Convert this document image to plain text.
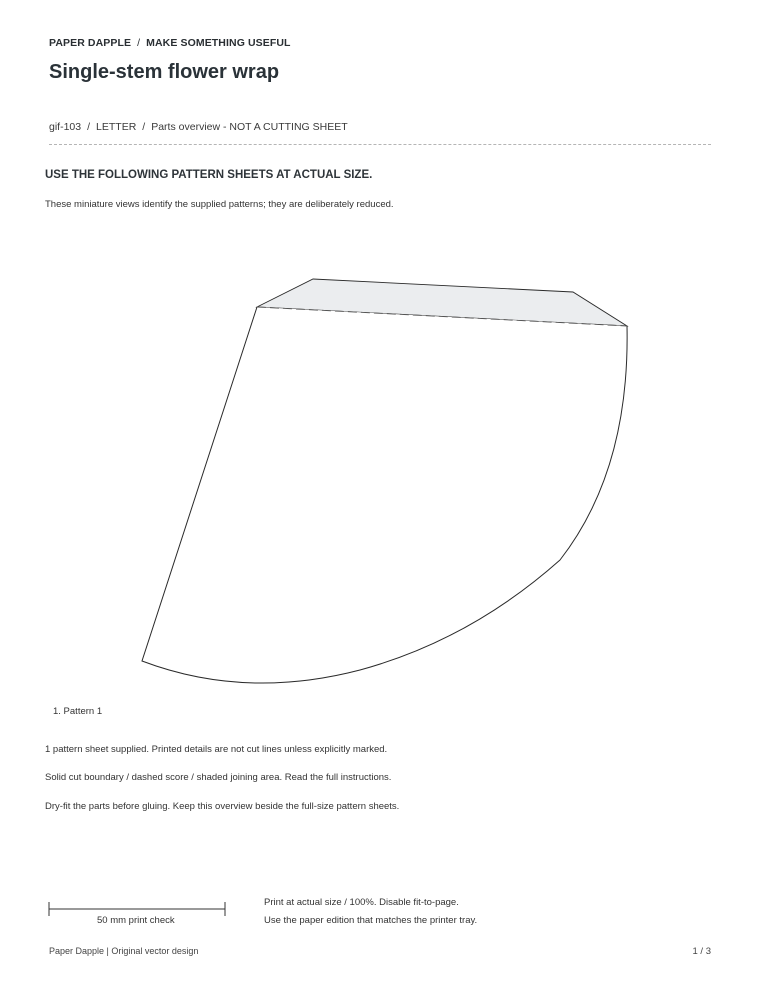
PAPER DAPPLE / MAKE SOMETHING USEFUL
Single-stem flower wrap
gif-103 / LETTER / Parts overview - NOT A CUTTING SHEET
USE THE FOLLOWING PATTERN SHEETS AT ACTUAL SIZE.
These miniature views identify the supplied patterns; they are deliberately reduced.
1. Pattern 1
1 pattern sheet supplied. Printed details are not cut lines unless explicitly marked.
Solid cut boundary / dashed score / shaded joining area. Read the full instructions.
Dry-fit the parts before gluing. Keep this overview beside the full-size pattern sheets.
50 mm print check
Print at actual size / 100%. Disable fit-to-page.
Use the paper edition that matches the printer tray.
Paper Dapple | Original vector design	1 / 3
